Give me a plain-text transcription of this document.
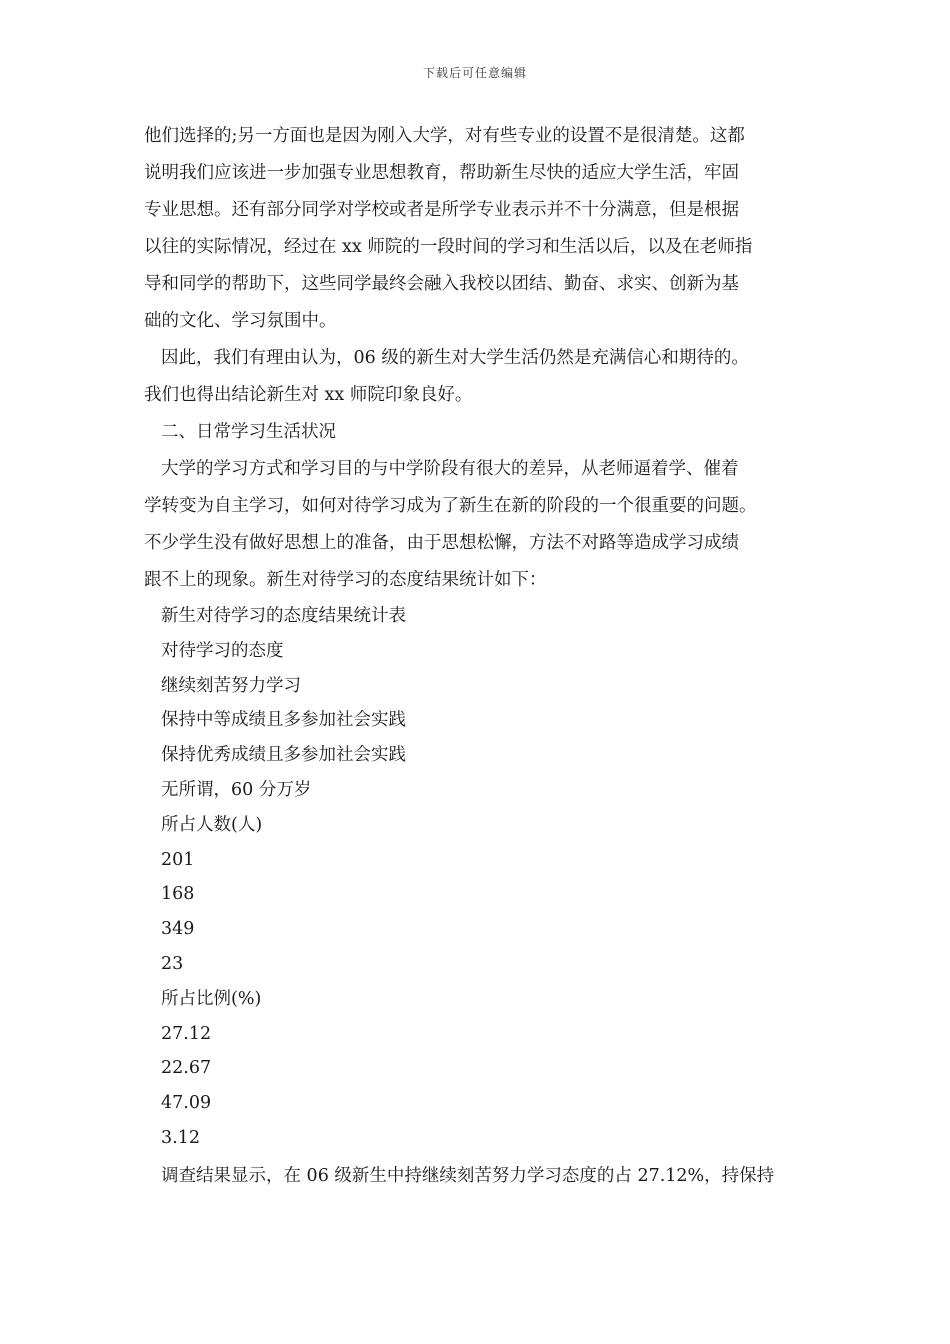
下载后可任意编辑

他们选择的;另一方面也是因为刚入大学，对有些专业的设置不是很清楚。这都

说明我们应该进一步加强专业思想教育，帮助新生尽快的适应大学生活，牢固

专业思想。还有部分同学对学校或者是所学专业表示并不十分满意，但是根据

以往的实际情况，经过在 xx 师院的一段时间的学习和生活以后，以及在老师指

导和同学的帮助下，这些同学最终会融入我校以团结、勤奋、求实、创新为基

础的文化、学习氛围中。

因此，我们有理由认为，06 级的新生对大学生活仍然是充满信心和期待的。

我们也得出结论新生对 xx 师院印象良好。

二、日常学习生活状况

大学的学习方式和学习目的与中学阶段有很大的差异，从老师逼着学、催着

学转变为自主学习，如何对待学习成为了新生在新的阶段的一个很重要的问题。

不少学生没有做好思想上的准备，由于思想松懈，方法不对路等造成学习成绩

跟不上的现象。新生对待学习的态度结果统计如下：

新生对待学习的态度结果统计表

对待学习的态度

继续刻苦努力学习

保持中等成绩且多参加社会实践

保持优秀成绩且多参加社会实践

无所谓，60 分万岁

所占人数(人)

201

168

349

23

所占比例(%)

27.12

22.67

47.09

3.12

调查结果显示，在 06 级新生中持继续刻苦努力学习态度的占 27.12%，持保持
